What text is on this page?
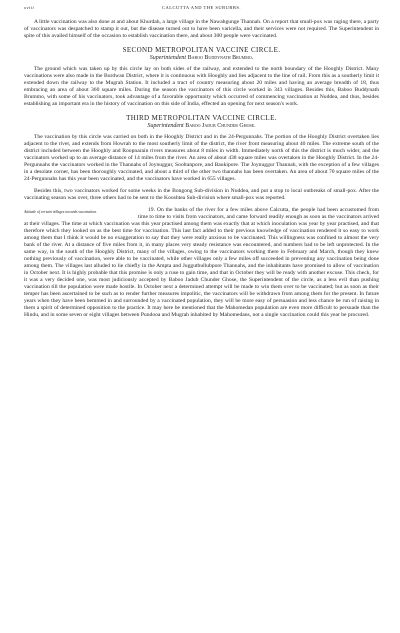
xviii	CALCUTTA AND THE SUBURBS.

A little vaccination was also done at and about Khurdah, a large village in the Nawabgunge Thannah. On a report that small-pox was raging there, a party of vaccinators was despatched to stamp it out, but the disease turned out to have been varicella, and their services were not required. The Superintendent in spite of this availed himself of the occasion to establish vaccination there, and about 300 people were vaccinated.

SECOND METROPOLITAN VACCINE CIRCLE.
Superintendent Baboo Buddynath Brummo.

The ground which was taken up by this circle lay on both sides of the railway, and extended to the north boundary of the Hooghly District. Many vaccinations were also made in the Burdwan District, where it is continuous with Hooghly and lies adjacent to the line of rail. From this as a southerly limit it extended down the railway to the Mugrah Station. It included a tract of country measuring about 20 miles and having an average breadth of 18, thus embracing an area of about 360 square miles. During the season the vaccinators of this circle worked in 343 villages. Besides this, Baboo Buddynath Brummo, with some of his vaccinators, took advantage of a favorable opportunity which occurred of commencing vaccination at Nuddea, and thus, besides establishing an important era in the history of vaccination on this side of India, effected an opening for next season's work.

THIRD METROPOLITAN VACCINE CIRCLE.
Superintendent Baboo Jadub Chunder Ghose.

The vaccination by this circle was carried on both in the Hooghly District and in the 24-Pergunnahs. The portion of the Hooghly District overtaken lies adjacent to the river, and extends from Howrah to the most southerly limit of the district, the river front measuring about 40 miles. The extreme south of the district included between the Hooghly and Roopnarain rivers measures about 8 miles in width. Immediately north of this the district is much wider, and the vaccinators worked up to an average distance of 14 miles from the river. An area of about 438 square miles was overtaken in the Hooghly District. In the 24-Pergunnahs the vaccinators worked in the Thannahs of Joynuggur, Sooltanpore, and Baukipore. The Joynuggur Thannah, with the exception of a few villages in a desolate corner, has been thoroughly vaccinated, and about a third of the other two thannahs has been overtaken. An area of about 70 square miles of the 24-Pergunnahs has this year been vaccinated, and the vaccinators have worked in 655 villages.

Besides this, two vaccinators worked for some weeks in the Bongong Sub-division in Nuddea, and put a stop to local outbreaks of small-pox. After the vaccinating season was over, three others had to be sent to the Kooshtea Sub-division where small-pox was reported.

Attitude of certain villages towards vaccination.	19. On the banks of the river for a few miles above Calcutta, the people had been accustomed from time to time to visits from vaccinators, and came forward readily enough as soon as the vaccinators arrived at their villages. The time at which vaccination was this year practised among them was exactly that at which inoculation was year by year practised, and that therefore which they looked on as the best time for vaccination. This last fact added to their previous knowledge of vaccination rendered it so easy to work among them that I think it would be no exaggeration to say that they were really anxious to be vaccinated. This willingness was confined to almost the very bank of the river. At a distance of five miles from it, in many places very steady resistance was encountered, and numbers had to be left unprotected. In the same way, in the south of the Hooghly District, many of the villages, owing to the vaccinators working there in February and March, though they knew nothing previously of vaccination, were able to be vaccinated, while other villages only a few miles off succeeded in preventing any vaccination being done among them. The villages last alluded to lie chiefly in the Amptа and Juggutbullubpore Thannahs, and the inhabitants have promised to allow of vaccination in October next. It is highly probable that this promise is only a ruse to gain time, and that in October they will be ready with another excuse. This check, for it was a very decided one, was most judiciously accepted by Baboo Jadub Chunder Ghose, the Superintendent of the circle, as a less evil than pushing vaccination till the population were made hostile. In October next a determined attempt will be made to win them over to be vaccinated; but as soon as their temper has been ascertained to be such as to render further measures impolitic, the vaccinators will be withdrawn from among them for the present. In future years when they have been hemmed in and surrounded by a vaccinated population, they will be more easy of persuasion and less chance be run of raising in them a spirit of determined opposition to the practice. It may here be mentioned that the Mahomedan population are even more difficult to persuade than the Hindu, and in some seven or eight villages between Pundooa and Mugrah inhabited by Mahomedans, not a single vaccination could this year be procured.
